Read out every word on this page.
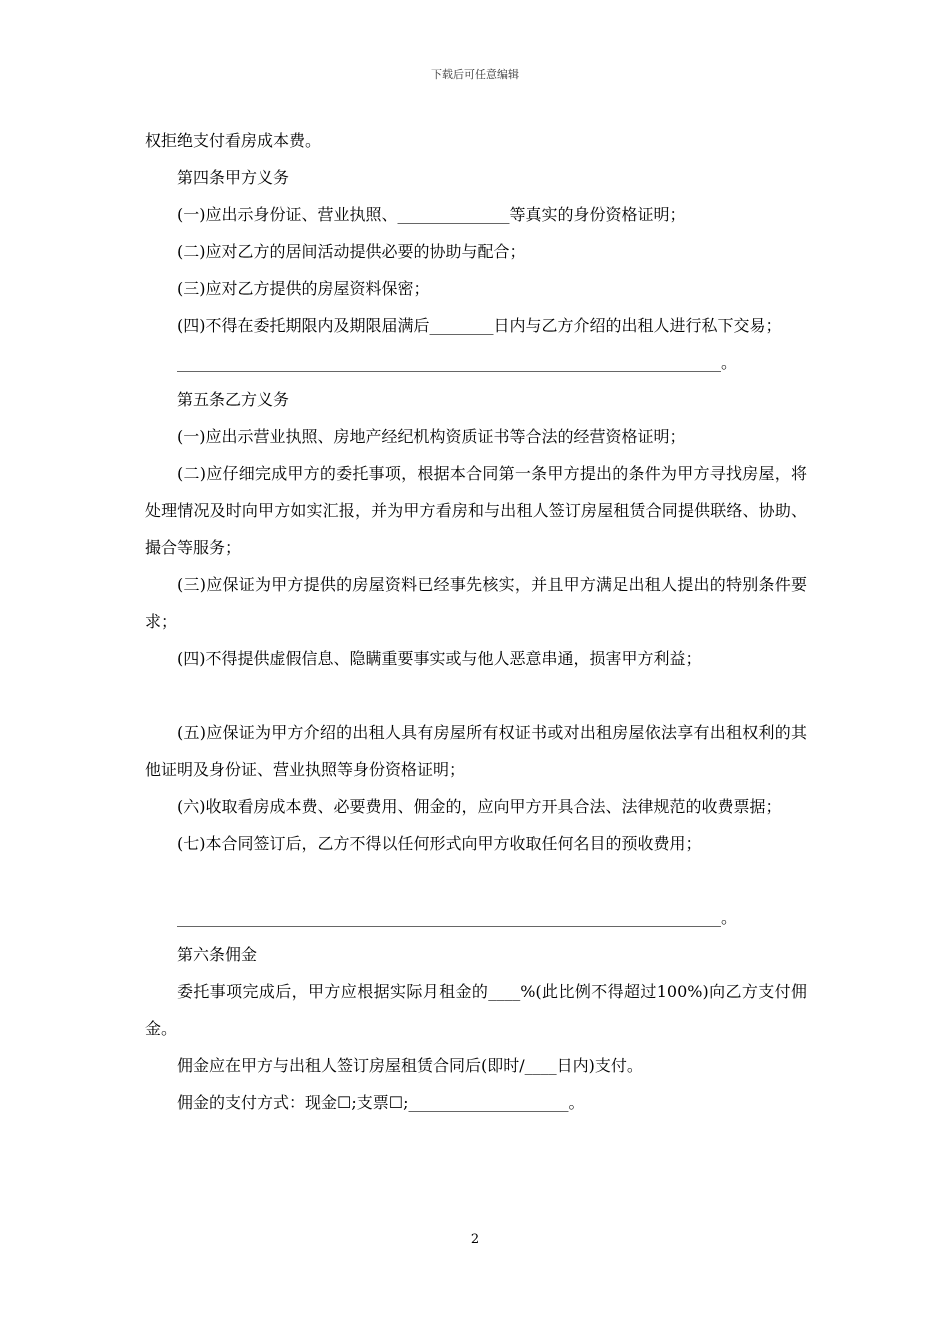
下载后可任意编辑

权拒绝支付看房成本费。

第四条甲方义务

(一)应出示身份证、营业执照、______________等真实的身份资格证明；

(二)应对乙方的居间活动提供必要的协助与配合；

(三)应对乙方提供的房屋资料保密；

(四)不得在委托期限内及期限届满后________日内与乙方介绍的出租人进行私下交易；

____________________________________________________________________。

第五条乙方义务

(一)应出示营业执照、房地产经纪机构资质证书等合法的经营资格证明；

(二)应仔细完成甲方的委托事项，根据本合同第一条甲方提出的条件为甲方寻找房屋，将处理情况及时向甲方如实汇报，并为甲方看房和与出租人签订房屋租赁合同提供联络、协助、撮合等服务；

(三)应保证为甲方提供的房屋资料已经事先核实，并且甲方满足出租人提出的特别条件要求；

(四)不得提供虚假信息、隐瞒重要事实或与他人恶意串通，损害甲方利益；

(五)应保证为甲方介绍的出租人具有房屋所有权证书或对出租房屋依法享有出租权利的其他证明及身份证、营业执照等身份资格证明；

(六)收取看房成本费、必要费用、佣金的，应向甲方开具合法、法律规范的收费票据；

(七)本合同签订后，乙方不得以任何形式向甲方收取任何名目的预收费用；

____________________________________________________________________。

第六条佣金

委托事项完成后，甲方应根据实际月租金的____%(此比例不得超过100%)向乙方支付佣金。

佣金应在甲方与出租人签订房屋租赁合同后(即时/____日内)支付。

佣金的支付方式：现金☐;支票☐;____________________。

2
